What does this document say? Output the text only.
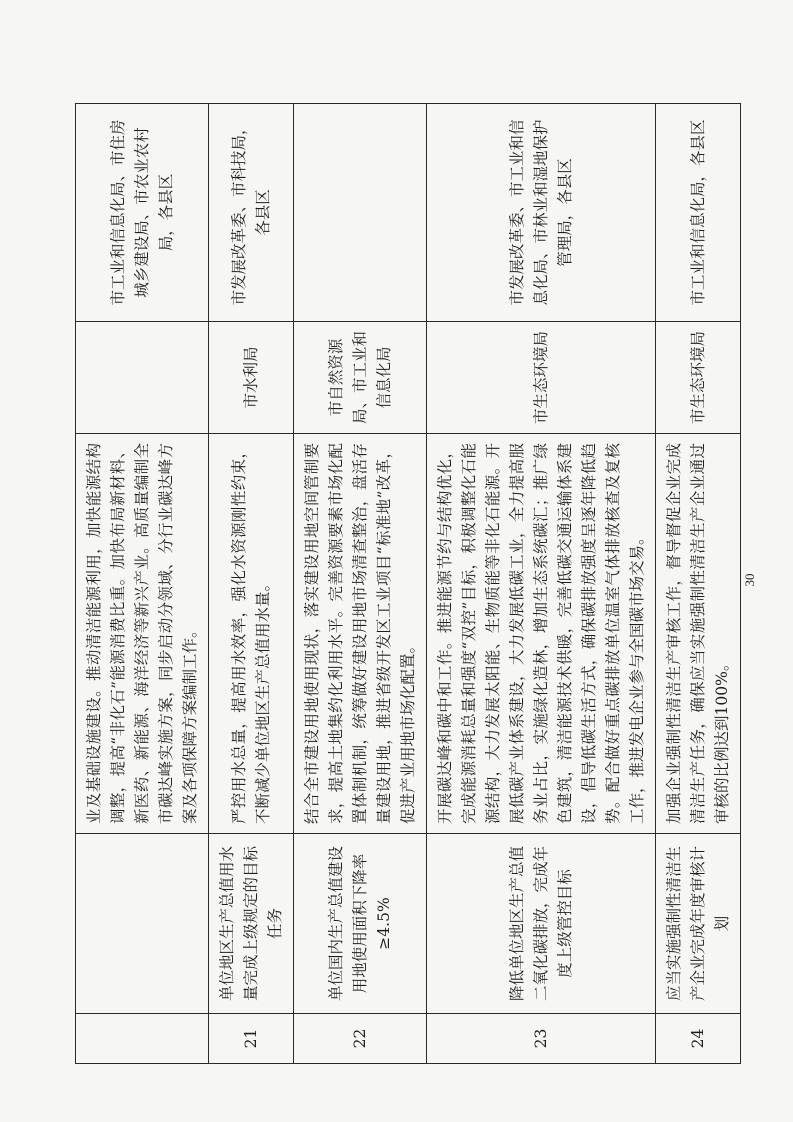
		业及基础设施建设。推动清洁能源利用，加快能源结构调整，提高“非化石”能源消费比重。加快布局新材料、新医药、新能源、海洋经济等新兴产业。高质量编制全市碳达峰实施方案，同步启动分领域、分行业碳达峰方案及各项保障方案编制工作。		市工业和信息化局、市住房城乡建设局、市农业农村局，各县区
21	单位地区生产总值用水量完成上级规定的目标任务	严控用水总量，提高用水效率，强化水资源刚性约束，不断减少单位地区生产总值用水量。	市水利局	市发展改革委、市科技局，各县区
22	单位国内生产总值建设用地使用面积下降率≥4.5%	结合全市建设用地使用现状，落实建设用地空间管制要求，提高土地集约化利用水平。完善资源要素市场化配置体制机制，统筹做好建设用地市场清查整治，盘活存量建设用地，推进省级开发区工业项目“标准地”改革，促进产业用地市场化配置。	市自然资源局、市工业和信息化局	
23	降低单位地区生产总值二氧化碳排放，完成年度上级管控目标	开展碳达峰和碳中和工作。推进能源节约与结构优化，完成能源消耗总量和强度“双控”目标，积极调整化石能源结构，大力发展太阳能、生物质能等非化石能源。开展低碳产业体系建设，大力发展低碳工业，全力提高服务业占比，实施绿化造林，增加生态系统碳汇；推广绿色建筑，清洁能源技术供暖，完善低碳交通运输体系建设，倡导低碳生活方式，确保碳排放强度呈逐年降低趋势。配合做好重点碳排放单位温室气体排放核查及复核工作，推进发电企业参与全国碳市场交易。	市生态环境局	市发展改革委、市工业和信息化局、市林业和湿地保护管理局，各县区
24	应当实施强制性清洁生产企业完成年度审核计划	加强企业强制性清洁生产审核工作，督导督促企业完成清洁生产任务，确保应当实施强制性清洁生产企业通过审核的比例达到100%。	市生态环境局	市工业和信息化局，各县区
30
